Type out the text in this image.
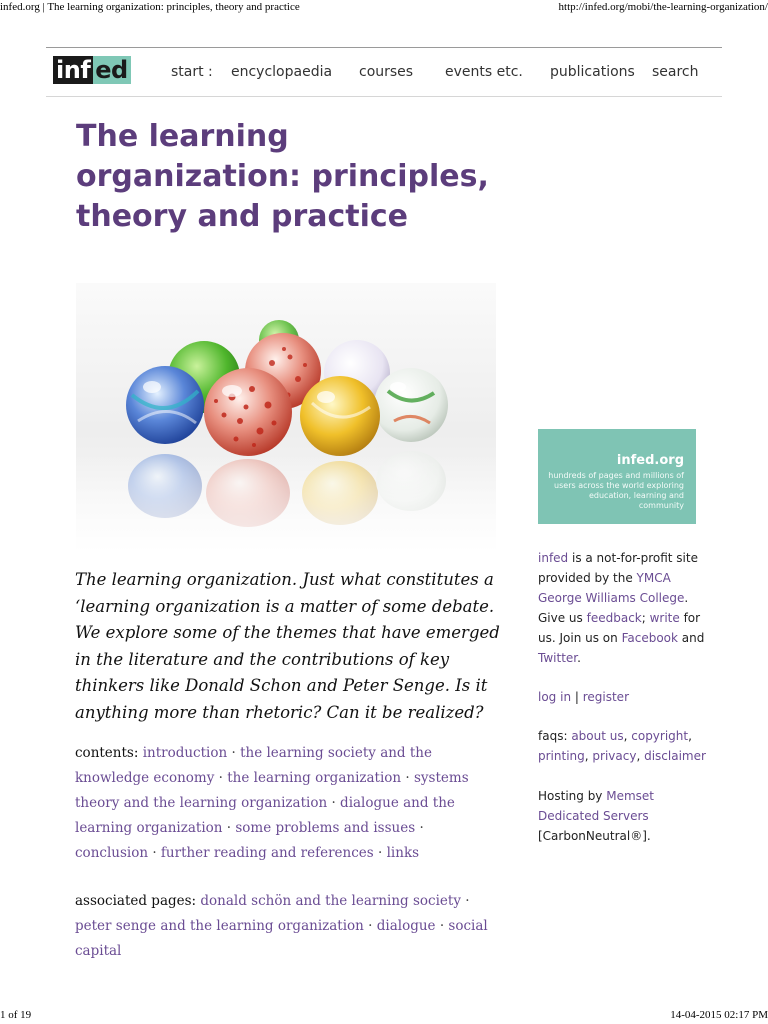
infed.org | The learning organization: principles, theory and practice	http://infed.org/mobi/the-learning-organization/
inf ed	start : encyclopaedia courses events etc. publications search
The learning organization: principles, theory and practice

The learning organization. Just what constitutes a ‘learning organization is a matter of some debate. We explore some of the themes that have emerged in the literature and the contributions of key thinkers like Donald Schon and Peter Senge. Is it anything more than rhetoric? Can it be realized?

contents: introduction · the learning society and the knowledge economy · the learning organization · systems theory and the learning organization · dialogue and the learning organization · some problems and issues · conclusion · further reading and references · links

associated pages: donald schön and the learning society · peter senge and the learning organization · dialogue · social capital

infed.org
hundreds of pages and millions of users across the world exploring education, learning and community

infed is a not-for-profit site provided by the YMCA George Williams College. Give us feedback; write for us. Join us on Facebook and Twitter.

log in | register

faqs: about us, copyright, printing, privacy, disclaimer

Hosting by Memset Dedicated Servers [CarbonNeutral®].

1 of 19	14-04-2015 02:17 PM
